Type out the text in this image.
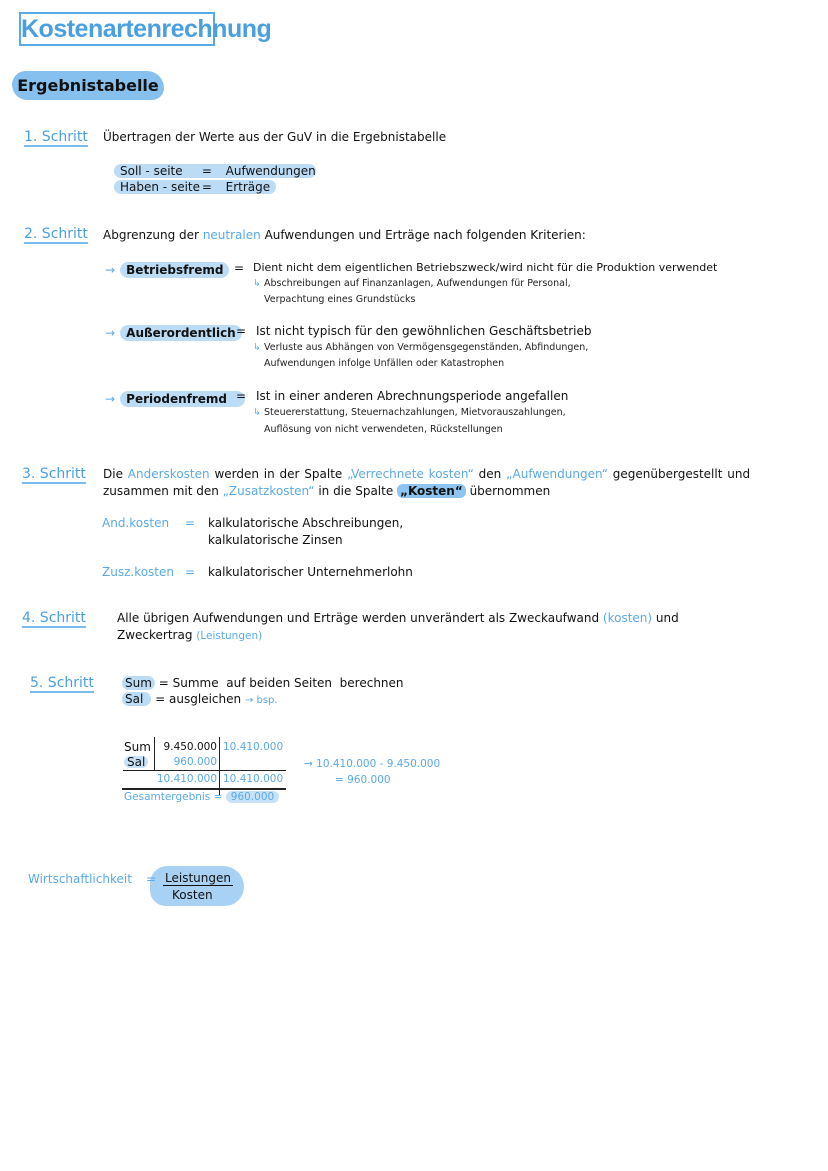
Kostenartenrechnung
Ergebnistabelle
1. Schritt Übertragen der Werte aus der GuV in die Ergebnistabelle
Soll - seite = Aufwendungen
Haben - seite = Erträge
2. Schritt Abgrenzung der neutralen Aufwendungen und Erträge nach folgenden Kriterien:
→ Betriebsfremd = Dient nicht dem eigentlichen Betriebszweck/wird nicht für die Produktion verwendet
↳ Abschreibungen auf Finanzanlagen, Aufwendungen für Personal,
Verpachtung eines Grundstücks
→ Außerordentlich = Ist nicht typisch für den gewöhnlichen Geschäftsbetrieb
↳ Verluste aus Abhängen von Vermögensgegenständen, Abfindungen,
Aufwendungen infolge Unfällen oder Katastrophen
→ Periodenfremd = Ist in einer anderen Abrechnungsperiode angefallen
↳ Steuererstattung, Steuernachzahlungen, Mietvorauszahlungen,
Auflösung von nicht verwendeten, Rückstellungen
3. Schritt Die Anderskosten werden in der Spalte „Verrechnete kosten“ den „Aufwendungen“ gegenübergestellt und
zusammen mit den „Zusatzkosten“ in die Spalte „Kosten“ übernommen
And.kosten = kalkulatorische Abschreibungen,
kalkulatorische Zinsen
Zusz.kosten = kalkulatorischer Unternehmerlohn
4. Schritt	Alle übrigen Aufwendungen und Erträge werden unverändert als Zweckaufwand (kosten) und
Zweckertrag (Leistungen)
5. Schritt	Sum = Summe  auf beiden Seiten  berechnen
Sal = ausgleichen → bsp.
Sum
Sal
9.450.000
960.000
10.410.000
10.410.000
10.410.000
Gesamtergebnis = 960.000
→ 10.410.000 - 9.450.000
= 960.000
Wirtschaftlichkeit = Leistungen
Kosten
